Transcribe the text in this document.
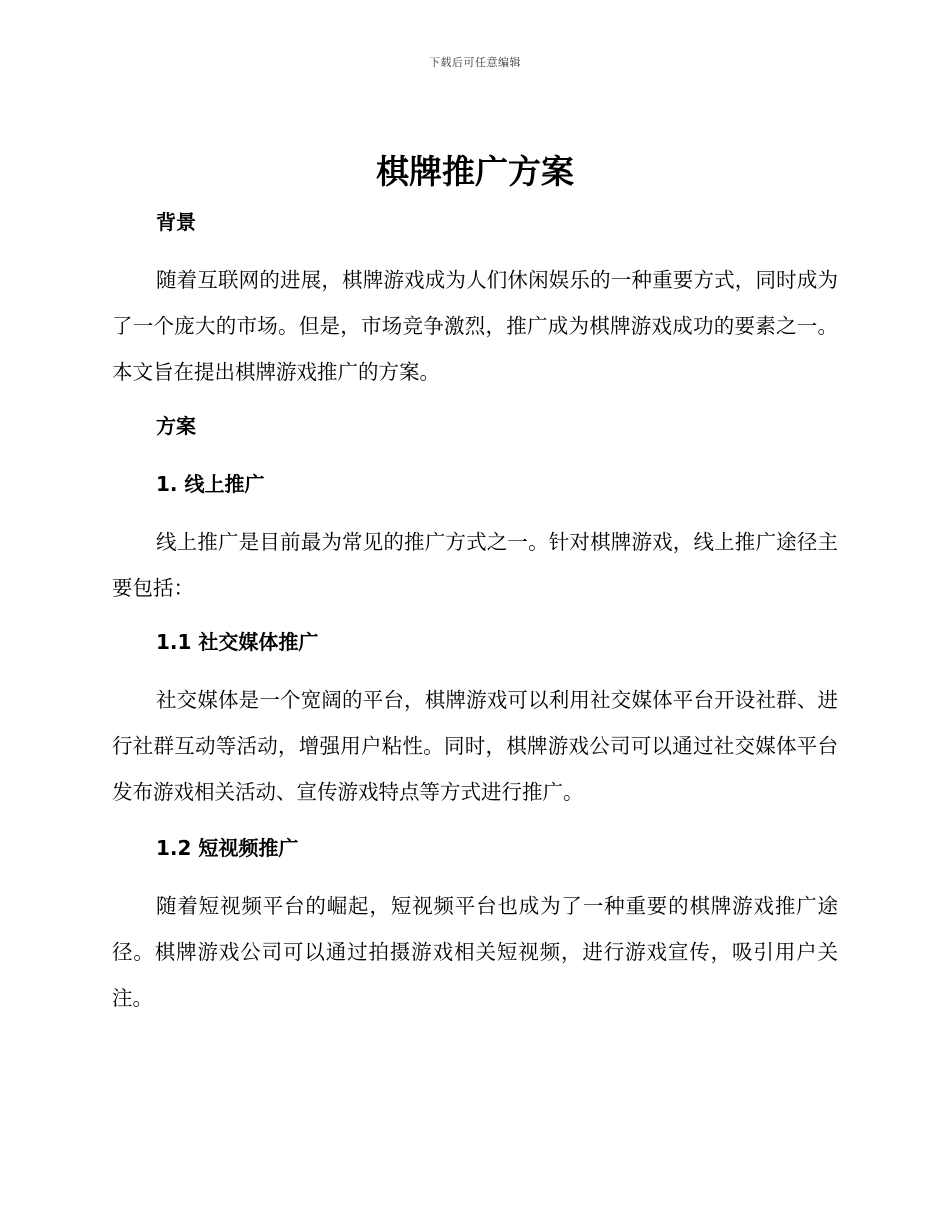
下载后可任意编辑
棋牌推广方案
背景
随着互联网的进展，棋牌游戏成为人们休闲娱乐的一种重要方式，同时成为了一个庞大的市场。但是，市场竞争激烈，推广成为棋牌游戏成功的要素之一。本文旨在提出棋牌游戏推广的方案。
方案
1. 线上推广
线上推广是目前最为常见的推广方式之一。针对棋牌游戏，线上推广途径主要包括：
1.1 社交媒体推广
社交媒体是一个宽阔的平台，棋牌游戏可以利用社交媒体平台开设社群、进行社群互动等活动，增强用户粘性。同时，棋牌游戏公司可以通过社交媒体平台发布游戏相关活动、宣传游戏特点等方式进行推广。
1.2 短视频推广
随着短视频平台的崛起，短视频平台也成为了一种重要的棋牌游戏推广途径。棋牌游戏公司可以通过拍摄游戏相关短视频，进行游戏宣传，吸引用户关注。
